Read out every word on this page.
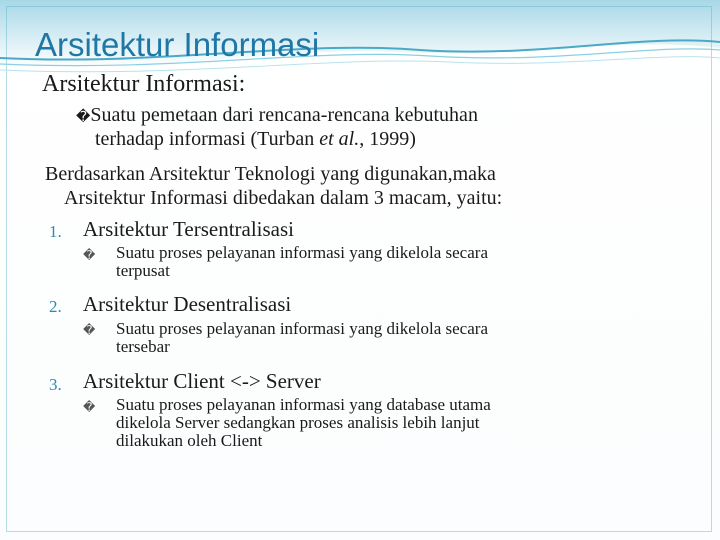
Arsitektur Informasi
Arsitektur Informasi:
�Suatu pemetaan dari rencana-rencana kebutuhan
terhadap informasi (Turban et al., 1999)
Berdasarkan Arsitektur Teknologi yang digunakan,maka
Arsitektur Informasi dibedakan dalam 3 macam, yaitu:
1. Arsitektur Tersentralisasi
� Suatu proses pelayanan informasi yang dikelola secara
terpusat
2. Arsitektur Desentralisasi
� Suatu proses pelayanan informasi yang dikelola secara
tersebar
3. Arsitektur Client <-> Server
� Suatu proses pelayanan informasi yang database utama
dikelola Server sedangkan proses analisis lebih lanjut
dilakukan oleh Client
